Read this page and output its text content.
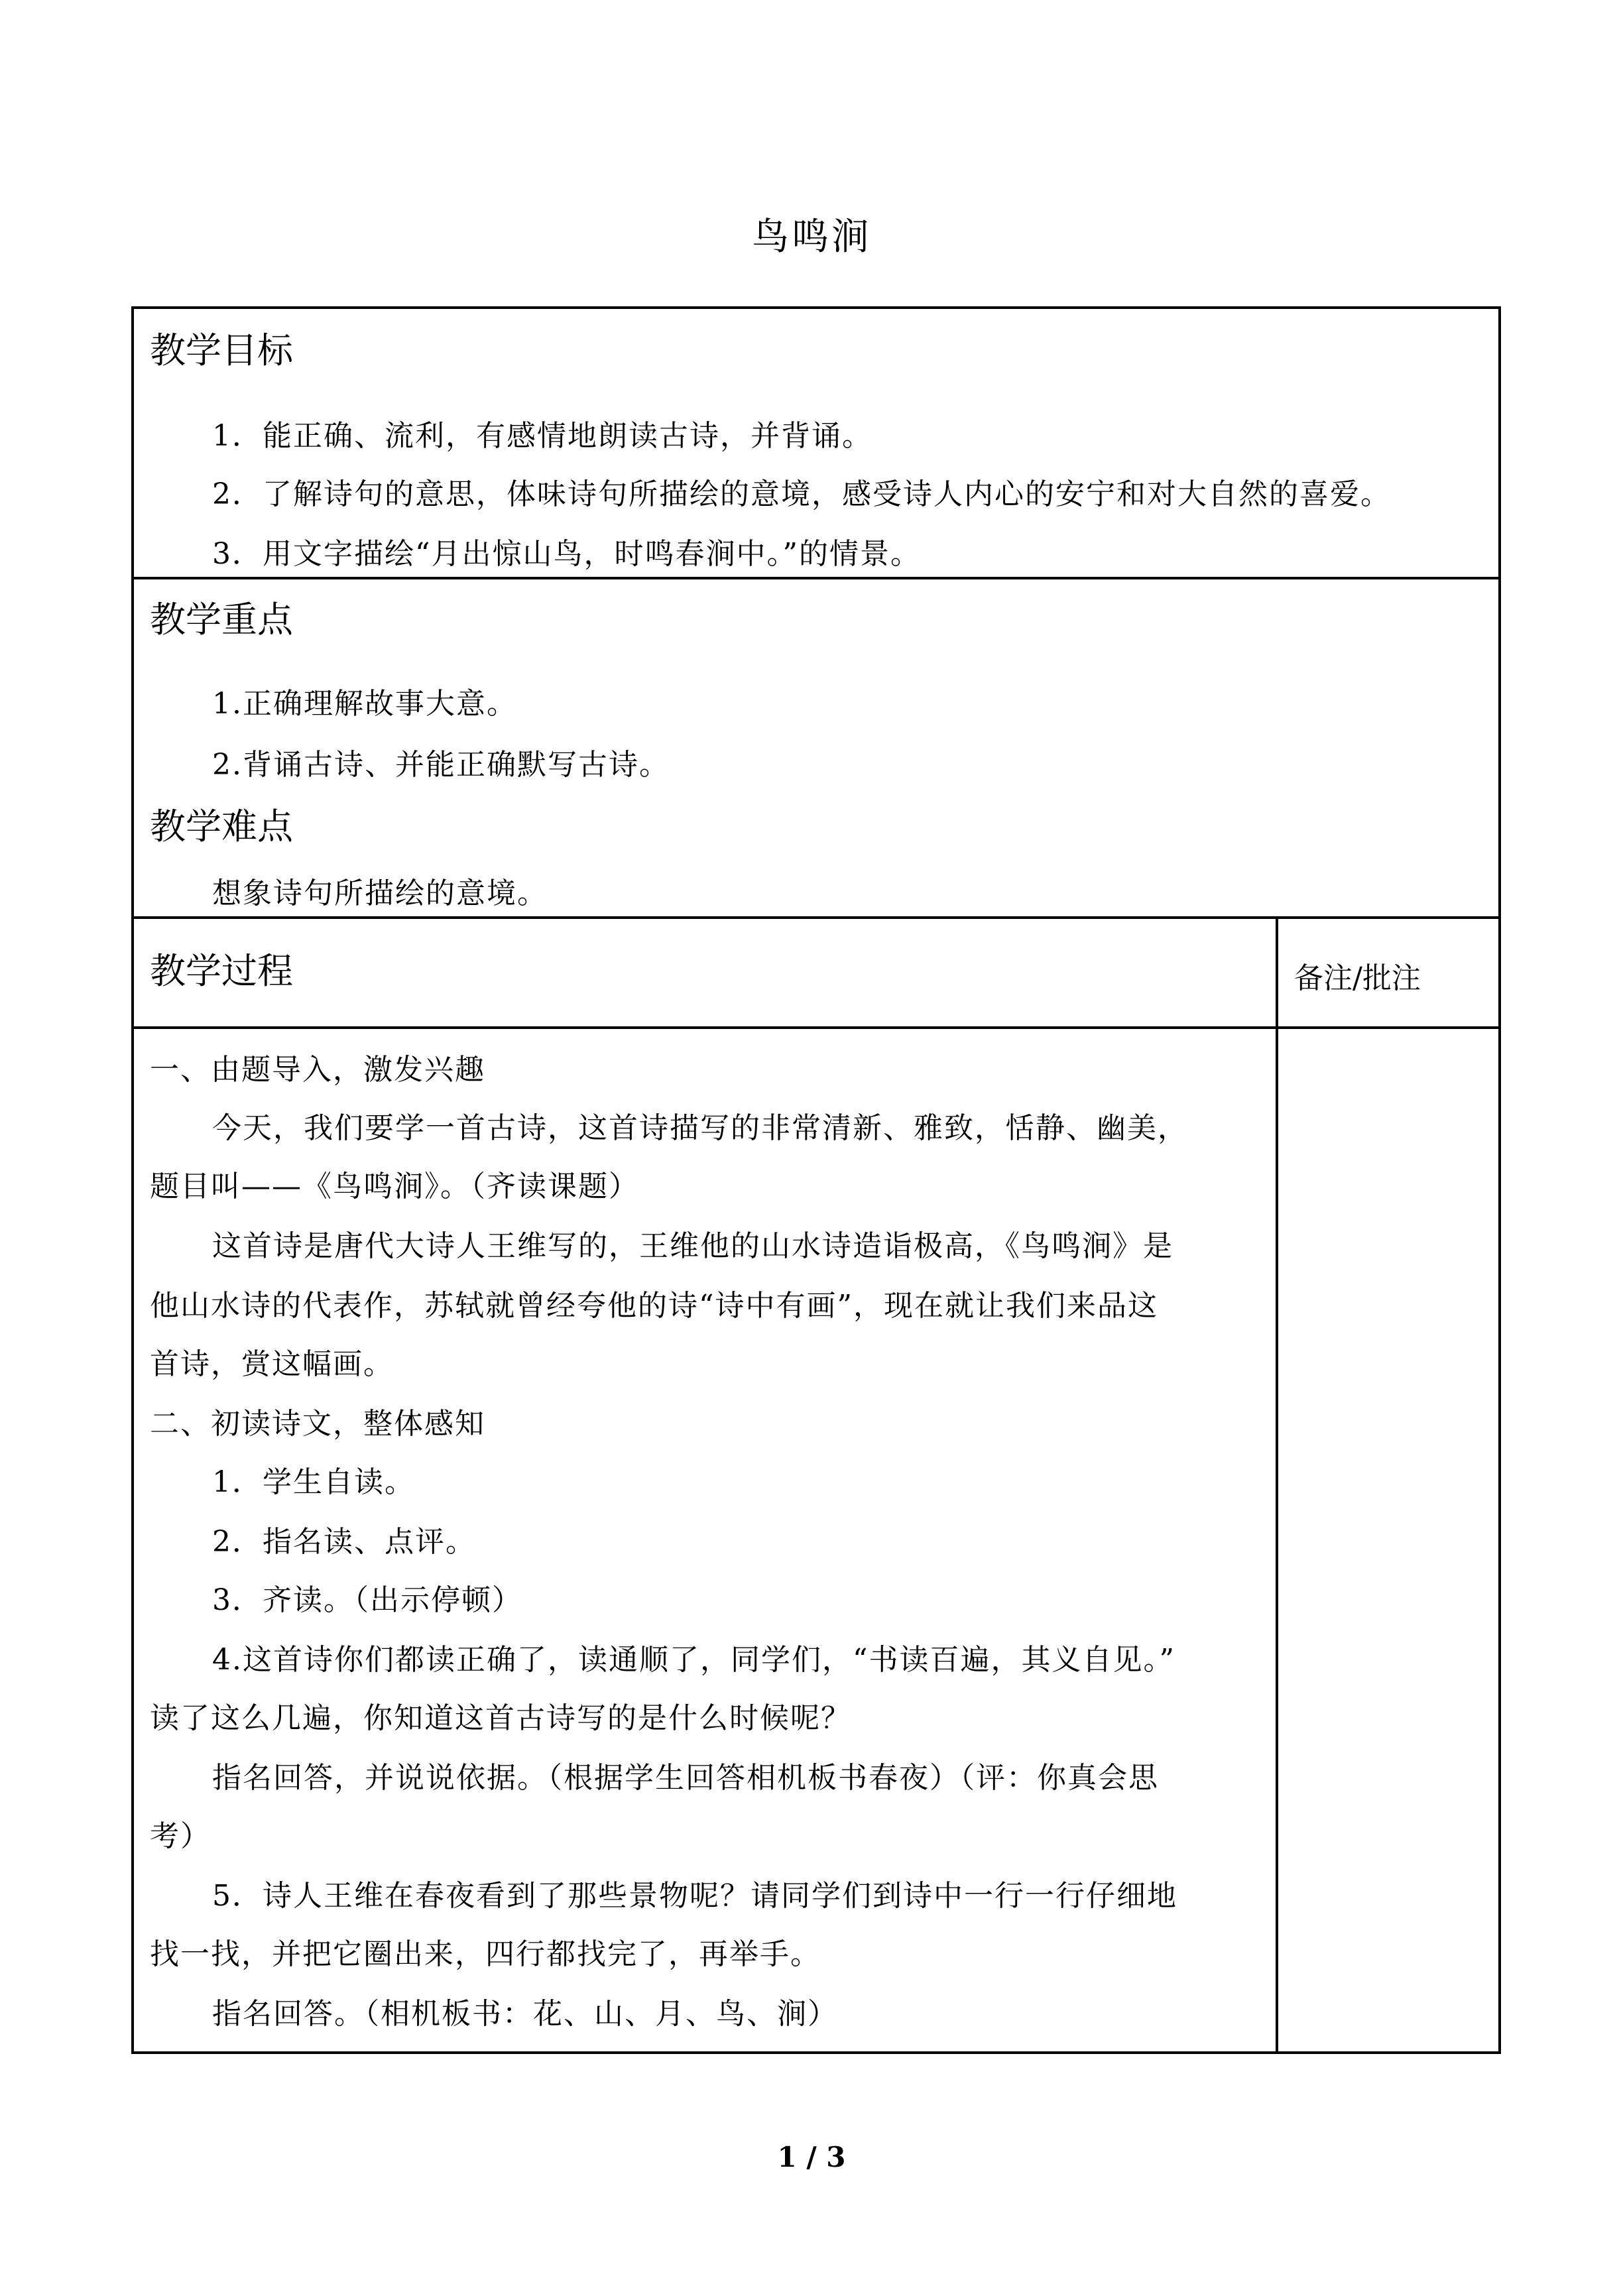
鸟鸣涧
教学目标
1．能正确、流利，有感情地朗读古诗，并背诵。
2．了解诗句的意思，体味诗句所描绘的意境，感受诗人内心的安宁和对大自然的喜爱。
3．用文字描绘“月出惊山鸟，时鸣春涧中。”的情景。
教学重点
1.正确理解故事大意。
2.背诵古诗、并能正确默写古诗。
教学难点
想象诗句所描绘的意境。
教学过程	备注/批注
一、由题导入，激发兴趣
今天，我们要学一首古诗，这首诗描写的非常清新、雅致，恬静、幽美，
题目叫——《鸟鸣涧》。（齐读课题）
这首诗是唐代大诗人王维写的，王维他的山水诗造诣极高，《鸟鸣涧》是
他山水诗的代表作，苏轼就曾经夸他的诗“诗中有画”，现在就让我们来品这
首诗，赏这幅画。
二、初读诗文，整体感知
1．学生自读。
2．指名读、点评。
3．齐读。（出示停顿）
4.这首诗你们都读正确了，读通顺了，同学们，“书读百遍，其义自见。”
读了这么几遍，你知道这首古诗写的是什么时候呢？
指名回答，并说说依据。（根据学生回答相机板书春夜）（评：你真会思
考）
5．诗人王维在春夜看到了那些景物呢？请同学们到诗中一行一行仔细地
找一找，并把它圈出来，四行都找完了，再举手。
指名回答。（相机板书：花、山、月、鸟、涧）
1 / 3
